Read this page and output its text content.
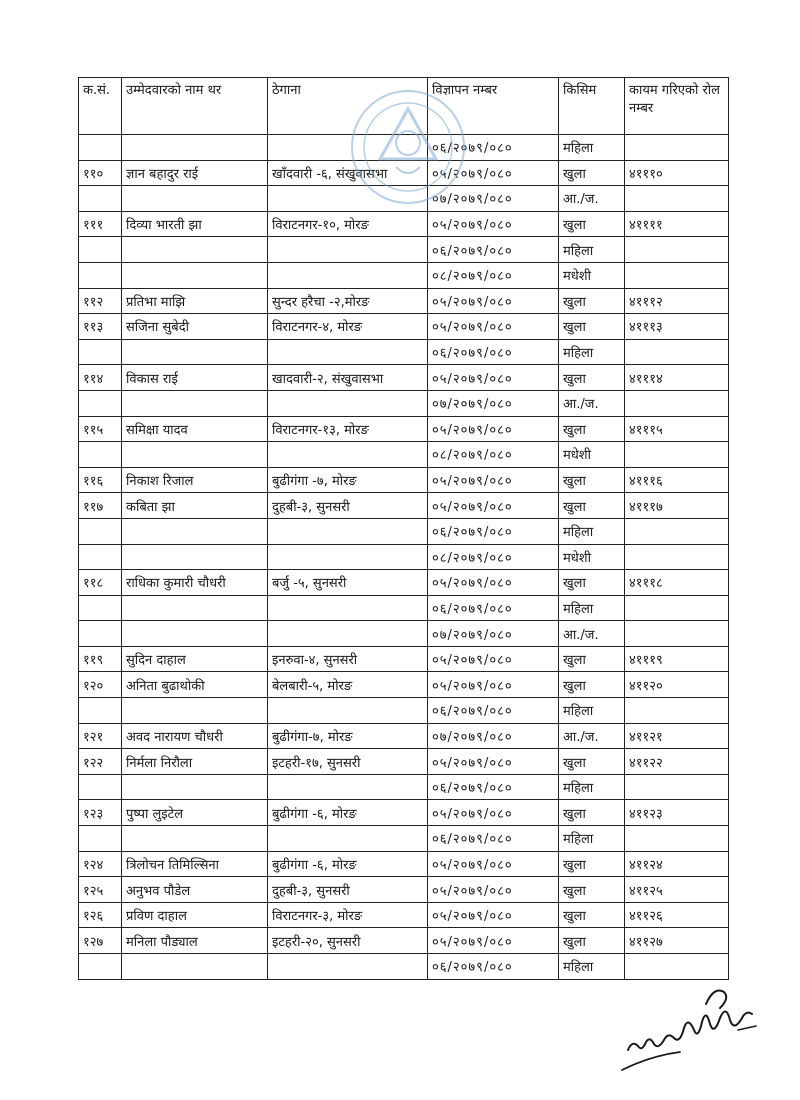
क.सं.	उम्मेदवारको नाम थर	ठेगाना	विज्ञापन नम्बर	किसिम	कायम गरिएको रोल नम्बर
			०६/२०७९/०८०	महिला	
११०	ज्ञान बहादुर राई	खाँदवारी -६, संखुवासभा	०५/२०७९/०८०	खुला	४१११०
			०७/२०७९/०८०	आ./ज.	
१११	दिव्या भारती झा	विराटनगर-१०, मोरङ	०५/२०७९/०८०	खुला	४११११
			०६/२०७९/०८०	महिला	
			०८/२०७९/०८०	मधेशी	
११२	प्रतिभा माझि	सुन्दर हरैचा -२,मोरङ	०५/२०७९/०८०	खुला	४१११२
११३	सजिना सुबेदी	विराटनगर-४, मोरङ	०५/२०७९/०८०	खुला	४१११३
			०६/२०७९/०८०	महिला	
११४	विकास राई	खादवारी-२, संखुवासभा	०५/२०७९/०८०	खुला	४१११४
			०७/२०७९/०८०	आ./ज.	
११५	समिक्षा यादव	विराटनगर-१३, मोरङ	०५/२०७९/०८०	खुला	४१११५
			०८/२०७९/०८०	मधेशी	
११६	निकाश रिजाल	बुढीगंगा -७, मोरङ	०५/२०७९/०८०	खुला	४१११६
११७	कबिता झा	दुहबी-३, सुनसरी	०५/२०७९/०८०	खुला	४१११७
			०६/२०७९/०८०	महिला	
			०८/२०७९/०८०	मधेशी	
११८	राधिका कुमारी चौधरी	बर्जु -५, सुनसरी	०५/२०७९/०८०	खुला	४१११८
			०६/२०७९/०८०	महिला	
			०७/२०७९/०८०	आ./ज.	
११९	सुदिन दाहाल	इनरुवा-४, सुनसरी	०५/२०७९/०८०	खुला	४१११९
१२०	अनिता बुढाथोकी	बेलबारी-५, मोरङ	०५/२०७९/०८०	खुला	४११२०
			०६/२०७९/०८०	महिला	
१२१	अवद नारायण चौधरी	बुढीगंगा-७, मोरङ	०७/२०७९/०८०	आ./ज.	४११२१
१२२	निर्मला निरौला	इटहरी-१७, सुनसरी	०५/२०७९/०८०	खुला	४११२२
			०६/२०७९/०८०	महिला	
१२३	पुष्पा लुइटेल	बुढीगंगा -६, मोरङ	०५/२०७९/०८०	खुला	४११२३
			०६/२०७९/०८०	महिला	
१२४	त्रिलोचन तिमिल्सिना	बुढीगंगा -६, मोरङ	०५/२०७९/०८०	खुला	४११२४
१२५	अनुभव पौडेल	दुहबी-३, सुनसरी	०५/२०७९/०८०	खुला	४११२५
१२६	प्रविण दाहाल	विराटनगर-३, मोरङ	०५/२०७९/०८०	खुला	४११२६
१२७	मनिला पौड्याल	इटहरी-२०, सुनसरी	०५/२०७९/०८०	खुला	४११२७
			०६/२०७९/०८०	महिला	
